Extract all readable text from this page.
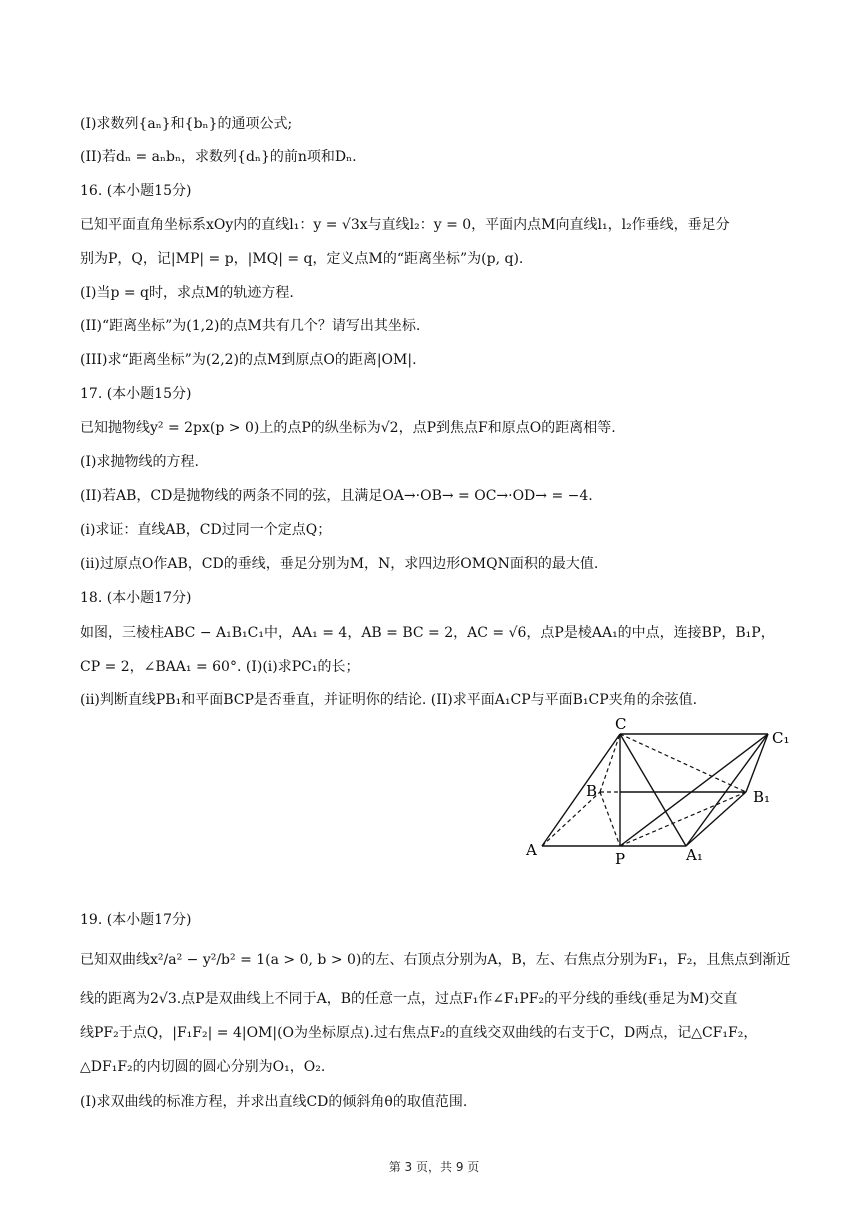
(I)求数列{aₙ}和{bₙ}的通项公式;
(II)若dₙ = aₙbₙ，求数列{dₙ}的前n项和Dₙ.
16. (本小题15分)
已知平面直角坐标系xOy内的直线l₁：y = √3x与直线l₂：y = 0，平面内点M向直线l₁，l₂作垂线，垂足分
别为P，Q，记|MP| = p，|MQ| = q，定义点M的“距离坐标”为(p, q).
(I)当p = q时，求点M的轨迹方程.
(II)“距离坐标”为(1,2)的点M共有几个？请写出其坐标.
(III)求“距离坐标”为(2,2)的点M到原点O的距离|OM|.
17. (本小题15分)
已知抛物线y² = 2px(p > 0)上的点P的纵坐标为√2，点P到焦点F和原点O的距离相等.
(I)求抛物线的方程.
(II)若AB，CD是抛物线的两条不同的弦，且满足OA→·OB→ = OC→·OD→ = −4.
(i)求证：直线AB，CD过同一个定点Q；
(ii)过原点O作AB，CD的垂线，垂足分别为M，N，求四边形OMQN面积的最大值.
18. (本小题17分)
如图，三棱柱ABC − A₁B₁C₁中，AA₁ = 4，AB = BC = 2，AC = √6，点P是棱AA₁的中点，连接BP，B₁P，
CP = 2，∠BAA₁ = 60°. (I)(i)求PC₁的长；
(ii)判断直线PB₁和平面BCP是否垂直，并证明你的结论. (II)求平面A₁CP与平面B₁CP夹角的余弦值.
C
C₁
B	B₁
A	P	A₁
19. (本小题17分)
已知双曲线x²/a² − y²/b² = 1(a > 0, b > 0)的左、右顶点分别为A，B，左、右焦点分别为F₁，F₂，且焦点到渐近
线的距离为2√3.点P是双曲线上不同于A，B的任意一点，过点F₁作∠F₁PF₂的平分线的垂线(垂足为M)交直
线PF₂于点Q，|F₁F₂| = 4|OM|(O为坐标原点).过右焦点F₂的直线交双曲线的右支于C，D两点，记△CF₁F₂，
△DF₁F₂的内切圆的圆心分别为O₁，O₂.
(I)求双曲线的标准方程，并求出直线CD的倾斜角θ的取值范围.
第 3 页，共 9 页
